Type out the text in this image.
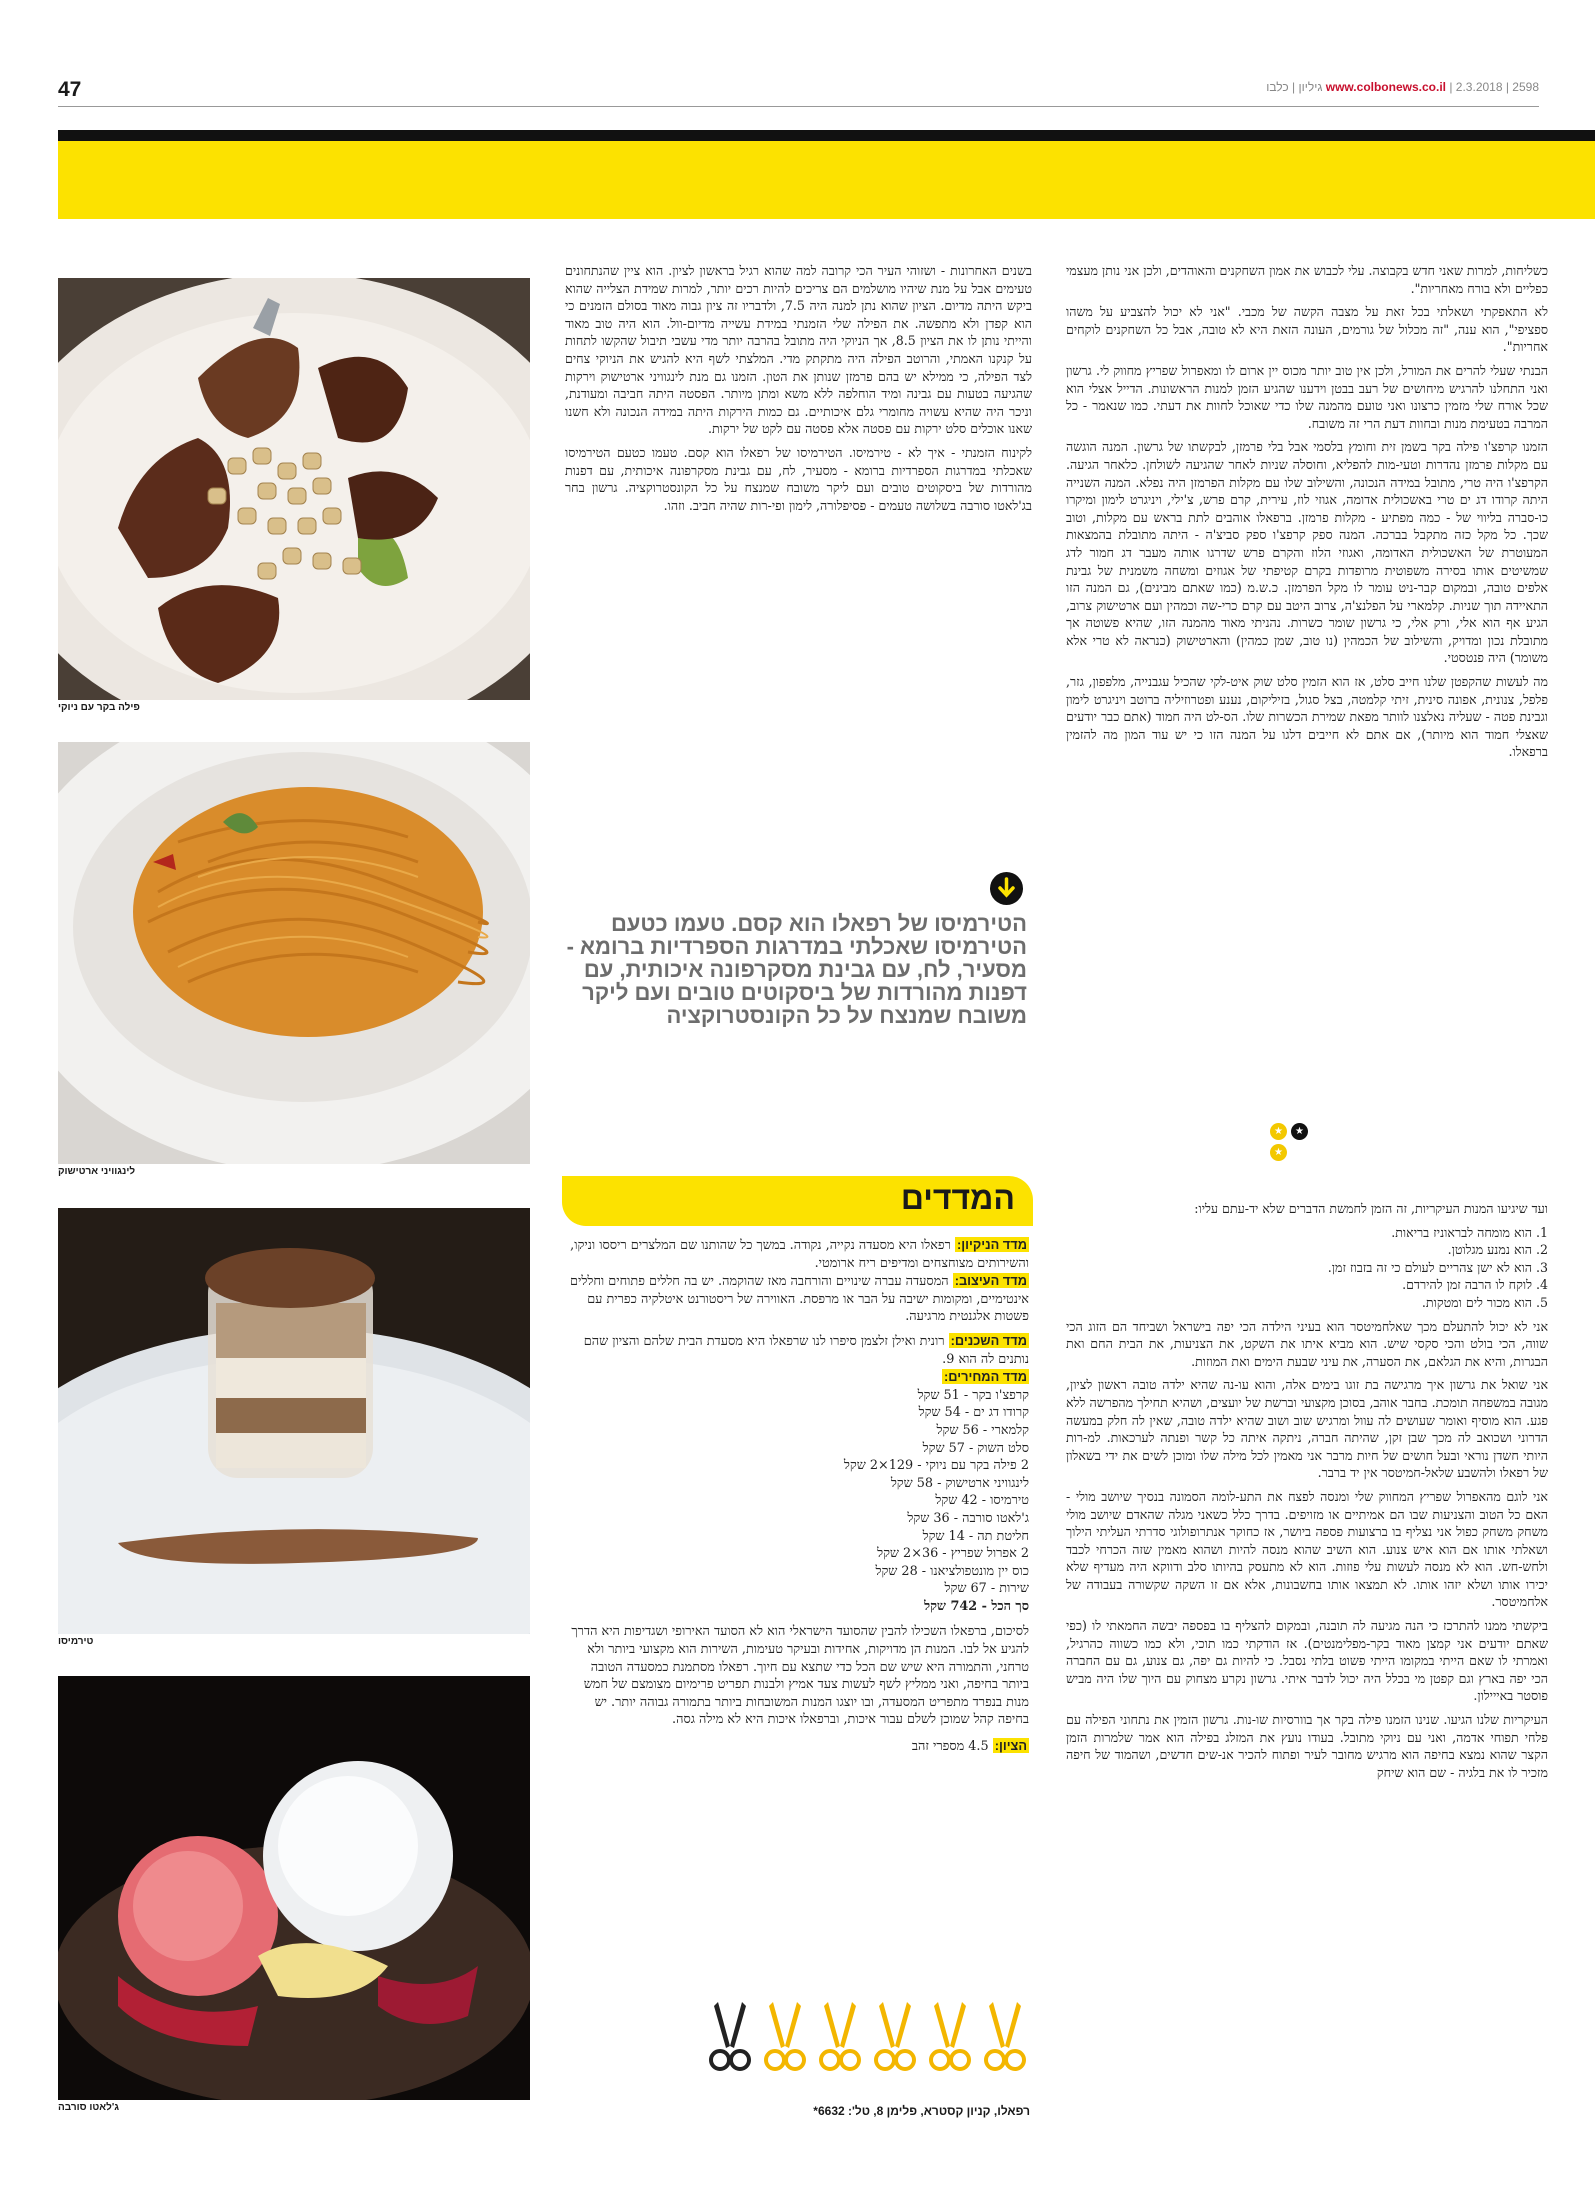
47	www.colbonews.co.il | 2.3.2018 | 2598 גיליון | כלבו
פילה בקר עם ניוקי
לינגוויני ארטישוק
טירמיסו
ג'לאטו סורבה

כשליחות, למרות שאני חדש בקבוצה. עלי לכבוש את אמון השחקנים והאוהדים, ולכן אני נותן מעצמי כפליים ולא בורח מאחריות".

לא התאפקתי ושאלתי בכל זאת על מצבה הקשה של מכבי. "אני לא יכול להצביע על משהו ספציפי", הוא ענה, "זה מכלול של גורמים, העונה הזאת היא לא טובה, אבל כל השחקנים לוקחים אחריות".

הבנתי שעלי להרים את המורל, ולכן אין טוב יותר מכוס יין ארום לו ומאפרול שפריץ מחווק לי. גרשון ואני התחלנו להרגיש מיחושים של רעב בבטן וידענו שהגיע הזמן למנות הראשונות. הדייל אצלי הוא שכל אורח שלי מזמין כרצונו ואני טועם מהמנה שלו כדי שאוכל לחוות את דעתי. כמו שנאמר - כל המרבה בטעימת מנות ובחוות דעת הרי זה משובח.

הזמנו קרפצ'ו פילה בקר בשמן זית וחומץ בלסמי אבל בלי פרמזן, לבקשתו של גרשון. המנה הוגשה עם מקלות פרמזן נהדרות וטעי-מות להפליא, וחוסלה שניות לאחר שהגיעה לשולחן. כלאחר הגיעה. הקרפצ'ו היה טרי, מתובל במידה הנכונה, והשילוב שלו עם מקלות הפרמזן היה נפלא. המנה השנייה היתה קרודו דג ים טרי באשכולית אדומה, אגוזי לוז, עירית, קרם פרש, צ'ילי, ויניגרט לימון ומיקרו כו-סברה בליווי של - כמה מפתיע - מקלות פרמזן. ברפאלו אוהבים לתת בראש עם מקלות, וטוב שכך. כל מקל כזה מתקבל בברכה. המנה ספק קרפצ'ו ספק סביצ'ה - היתה מתובלת בהמצאות המעוטרת של האשכולית האדומה, ואגוזי הלוז והקרם פרש שדרגו אותה מעבר דג חמור לדג שמשיטים אותו בסירה משפוטית מרופדות בקרם קטיפתי של אגוזים ומשחה משמנית של גבינת אלפים טובה, ובמקום קבר-ניט עומר לו מקל הפרמזן. כ.ש.מ (כמו שאתם מבינים), גם המנה הזו התאיידה תוך שניות. קלמארי על הפלנצ'ה, צרוב היטב עם קרם כרי-שה וכמהין ועם ארטישוק צרוב, הגיע אף הוא אלי, ורק אלי, כי גרשון שומר כשרות. נהניתי מאוד מהמנה הזו, שהיא פשוטה אך מתובלת נכון ומדויק, והשילוב של הכמהין (נו טוב, שמן כמהין) והארטישוק (כנראה לא טרי אלא משומר) היה פנטסטי.

מה לעשות שהקפטן שלנו חייב סלט, אז הוא הזמין סלט שוק איט-לקי שהכיל עגבנייה, מלפפון, גזר, פלפל, צנונית, אפונה סינית, זיתי קלמטה, בצל סגול, בזיליקום, נענע ופטרוזיליה ברוטב ויניגרט לימון וגבינת פטה - שעליה נאלצנו לוותר מפאת שמירת הכשרות שלו. הס-לט היה חמוד (אתם כבר יודעים שאצלי חמוד הוא מיותר), אם אתם לא חייבים דלגו על המנה הזו כי יש עוד המון מה להזמין ברפאלו.

★ ★★

ועד שיגיעו המנות העיקריות, זה הזמן לחמשת הדברים שלא יד-עתם עליו:

1. הוא מומחה לבראוניז בריאות.

2. הוא נמנע מגלוטן.

3. הוא לא ישן צהריים לעולם כי זה בזבוז זמן.

4. לוקח לו הרבה זמן להירדם.

5. הוא מכור לים ומטקות.

אני לא יכול להתעלם מכך שאלחמיטסר הוא בעיני הילדה הכי יפה בישראל ושביחד הם הזוג הכי שווה, הכי בולט והכי סקסי שיש. הוא מביא איתו את השקט, את הצניעות, את הבית החם ואת הבגרות, והיא את הגלאם, את הסערה, את עיני שבעת הימים ואת המוזות.

אני שואל את גרשון איך מרגישה בת זוגו בימים אלה, והוא עו-נה שהיא ילדה טובה ראשון לציון, מגובה במשפחה תומכת. בחבר אוהב, בסוכן מקצועי וברשת של יועצים, ושהיא תחילך מהפרשה ללא פגע. הוא מוסיף ואומר שעושים לה עוול ומרגיש שוב ושוב שהיא ילדה טובה, שאין לה חלק במעשה הדרוני ושכואב לה מכך שבן זקן, שהיתה חברה, ניתקה איתה כל קשר ופנתה לערכאות. למ-רות היותי חשדן נוראי ובעל חושים של חיות מרבר אני מאמין לכל מילה שלו ומוכן לשים את ידי בשאלון של רפאלו ולהשבע שלאל-חמיטסר אין יד ברבר.

אני לוגם מהאפרול שפריץ המחווק שלי ומנסה לפצח את התע-לומה הסמונה בנסיך שיושב מולי - האם כל הטוב והצניעות שבו הם אמיתיים או מזויפים. בדרך כלל כשאני מגלה שהאדם שיושב מולי משחק משחק כפול אני נצליף בו ברצועות פספה ביושר, אז כחוקר אנתרופולוגי סדרתי העליתי הילוך ושאלתי אותו אם הוא איש צנוע. הוא השיב שהוא מנסה להיות ושהוא מאמין שזה הכרחי לכבד ולחש-חש. הוא לא מנסה לעשות עלי פוזות. הוא לא מתעסק בהיותו סלב ודווקא היה מעדיף שלא יכירו אותו ושלא יזהו אותו. לא תמצאו אותו בחשבונות, אלא אם זו השקה שקשורה בעבודה של אלחמיטסר.

ביקשתי ממנו להתרכז כי הנה מגיעה לה תובנה, ובמקום להצליף בו בפספה יבשה החמאתי לו (כפי שאתם יודעים אני קמצן מאוד בקר-מפלימנטים). אז הודקתי כמו תוכי, ולא כמו כשווה כהרגיל, ואמרתי לו שאם הייתי במקומו הייתי פשוט בלתי נסבל. כי להיות גם יפה, גם צנוע, גם עם החברה הכי יפה בארץ וגם קפטן מי בכלל היה יכול לדבר איתי. גרשון נקרע מצחוק עם היוך שלו היה מביש פוסטר באייילון.

העיקריות שלנו הגיעו. שנינו הזמנו פילה בקר אך בוורסיות שו-נות. גרשון הזמין את נתחוני הפילה עם פלחי תפוחי אדמה, ואני עם ניוקי מתובל. בעודו נועץ את המזלג בפילה הוא אמר שלמרות הזמן הקצר שהוא נמצא בחיפה הוא מרגיש מחובר לעיר ופתוח להכיר אנ-שים חדשים, ושהמוד של חיפה מזכיר לו את בלגיה - שם הוא שיחק

בשנים האחרונות - ושזוהי העיר הכי קרובה למה שהוא רגיל בראשון לציון. הוא ציין שהנתחונים טעימים אבל על מנת שיהיו מושלמים הם צריכים להיות רכים יותר, למרות שמידת הצלייה שהוא ביקש היתה מדיום. הציון שהוא נתן למנה היה 7.5, ולדבריו זה ציון גבוה מאוד בסולם הזמנים כי הוא קפדן ולא מתפשה. את הפילה שלי הזמנתי במידת עשייה מדיום-וול. הוא היה טוב מאוד והייתי נותן לו את הציון 8.5, אך הניוקי היה מתובל בהרבה יותר מדי עשבי תיבול שהקשו לתחות על קנקנו האמתי, והרוטב הפילה היה מתקתק מדי. המלצתי לשף היא להגיש את הניוקי צחים לצד הפילה, כי ממילא יש בהם פרמזן שנותן את הטון. הזמנו גם מנת לינגוויני ארטישוק וירקות שהגיעה בטעות עם גבינה ומיד הוחלפה ללא משא ומתן מיותר. הפסטה היתה חביבה ומעודנת, וניכר היה שהיא עשויה מחומרי גלם איכותיים. גם כמות הירקות היתה במידה הנכונה ולא חשנו שאנו אוכלים סלט ירקות עם פסטה אלא פסטה עם לקט של ירקות.

לקינוח הזמנתי - איך לא - טירמיסו. הטירמיסו של רפאלו הוא קסם. טעמו כטעם הטירמיסו שאכלתי במדרגות הספרדיות ברומא - מסעיר, לח, עם גבינת מסקרפונה איכותית, עם דפנות מהורדות של ביסקוטים טובים ועם ליקר משובח שמנצח על כל הקונסטרוקציה. גרשון בחר בג'לאטו סורבה בשלושה טעמים - פסיפלורה, לימון ופי-רות שהיה חביב. וזהו.

הטירמיסו של רפאלו הוא קסם. טעמו כטעם הטירמיסו שאכלתי במדרגות הספרדיות ברומא - מסעיר, לח, עם גבינת מסקרפונה איכותית, עם דפנות מהורדות של ביסקוטים טובים ועם ליקר משובח שמנצח על כל הקונסטרוקציה
המדדים
מדד הניקיון: רפאלו היא מסעדה נקייה, נקודה. במשך כל שהותנו שם המלצרים ריססו וניקו, והשירותים מצוחצחים ומדיפים ריח ארומטי.
מדד העיצוב: המסעדה עברה שינויים והורחבה מאז שהוקמה. יש בה חללים פתוחים וחללים אינטימיים, ומקומות ישיבה על הבר או מרפסת. האווירה של ריסטורנט איטלקיה כפרית עם פשטות אלגנטית מרגיעה.
מדד השכנים: רונית ואילן זלצמן סיפרו לנו שרפאלו היא מסעדת הבית שלהם והציון שהם נותנים לה הוא 9.
מדד המחירים:
קרפצ'ו בקר - 51 שקל
קרודו דג ים - 54 שקל
קלמארי - 56 שקל
סלט השוק - 57 שקל
2 פילה בקר עם ניוקי - 129×2 שקל
לינגוויני ארטישוק - 58 שקל
טירמיסו - 42 שקל
ג'לאטו סורבה - 36 שקל
חליטת תה - 14 שקל
2 אפרול שפריץ - 36×2 שקל
כוס יין מונטפולציאנו - 28 שקל
שירות - 67 שקל
סך הכל - 742 שקל
לסיכום, ברפאלו השכילו להבין שהסועד הישראלי הוא לא הסועד האירופי ושגדיפות היא הדרך להגיע אל לבו. המנות הן מדויקות, אחידות ובעיקר טעימות, השירות הוא מקצועי ביותר ולא טרחני, והתמורה היא שיש שם הכל כדי שתצא עם חיוך. רפאלו מסתמנת כמסעדה הטובה ביותר בחיפה, ואני ממליץ לשף לעשות צעד אמיץ ולבנות תפריט פרימיום מצומצם של חמש מנות בנפרד מתפריט המסעדה, ובו יוצגו המנות המשובחות ביותר בתמורה גבוהה יותר. יש בחיפה קהל שמוכן לשלם עבור איכות, וברפאלו איכות היא לא מילה גסה.
הציון: 4.5 מספרי זהב
רפאלו, קניון קסטרא, פלימן 8, טל': 6632*
